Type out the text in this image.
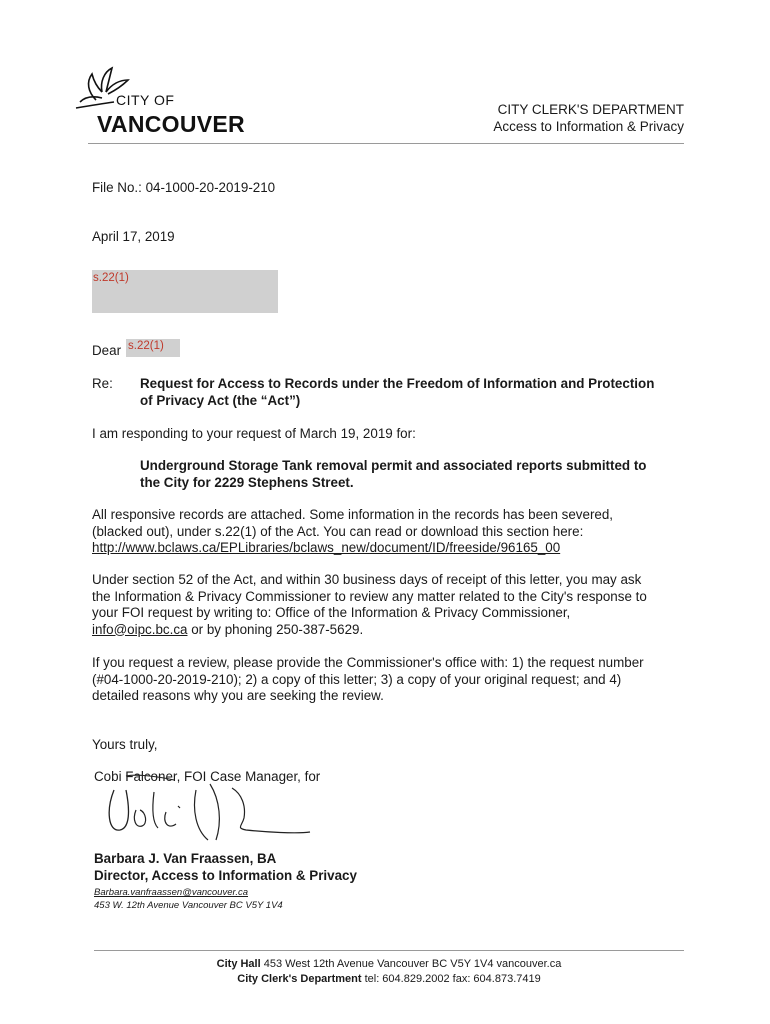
CITY OF
VANCOUVER
CITY CLERK'S DEPARTMENT
Access to Information & Privacy
File No.: 04-1000-20-2019-210
April 17, 2019
s.22(1)
Dear s.22(1)
Re: Request for Access to Records under the Freedom of Information and Protection
of Privacy Act (the “Act”)
I am responding to your request of March 19, 2019 for:
Underground Storage Tank removal permit and associated reports submitted to
the City for 2229 Stephens Street.
All responsive records are attached. Some information in the records has been severed,
(blacked out), under s.22(1) of the Act. You can read or download this section here:
http://www.bclaws.ca/EPLibraries/bclaws_new/document/ID/freeside/96165_00
Under section 52 of the Act, and within 30 business days of receipt of this letter, you may ask
the Information & Privacy Commissioner to review any matter related to the City's response to
your FOI request by writing to: Office of the Information & Privacy Commissioner,
info@oipc.bc.ca or by phoning 250-387-5629.
If you request a review, please provide the Commissioner's office with: 1) the request number
(#04-1000-20-2019-210); 2) a copy of this letter; 3) a copy of your original request; and 4)
detailed reasons why you are seeking the review.
Yours truly,
Cobi Falconer, FOI Case Manager, for
Barbara J. Van Fraassen, BA
Director, Access to Information & Privacy
Barbara.vanfraassen@vancouver.ca
453 W. 12th Avenue Vancouver BC V5Y 1V4
City Hall 453 West 12th Avenue Vancouver BC V5Y 1V4 vancouver.ca
City Clerk's Department tel: 604.829.2002 fax: 604.873.7419
